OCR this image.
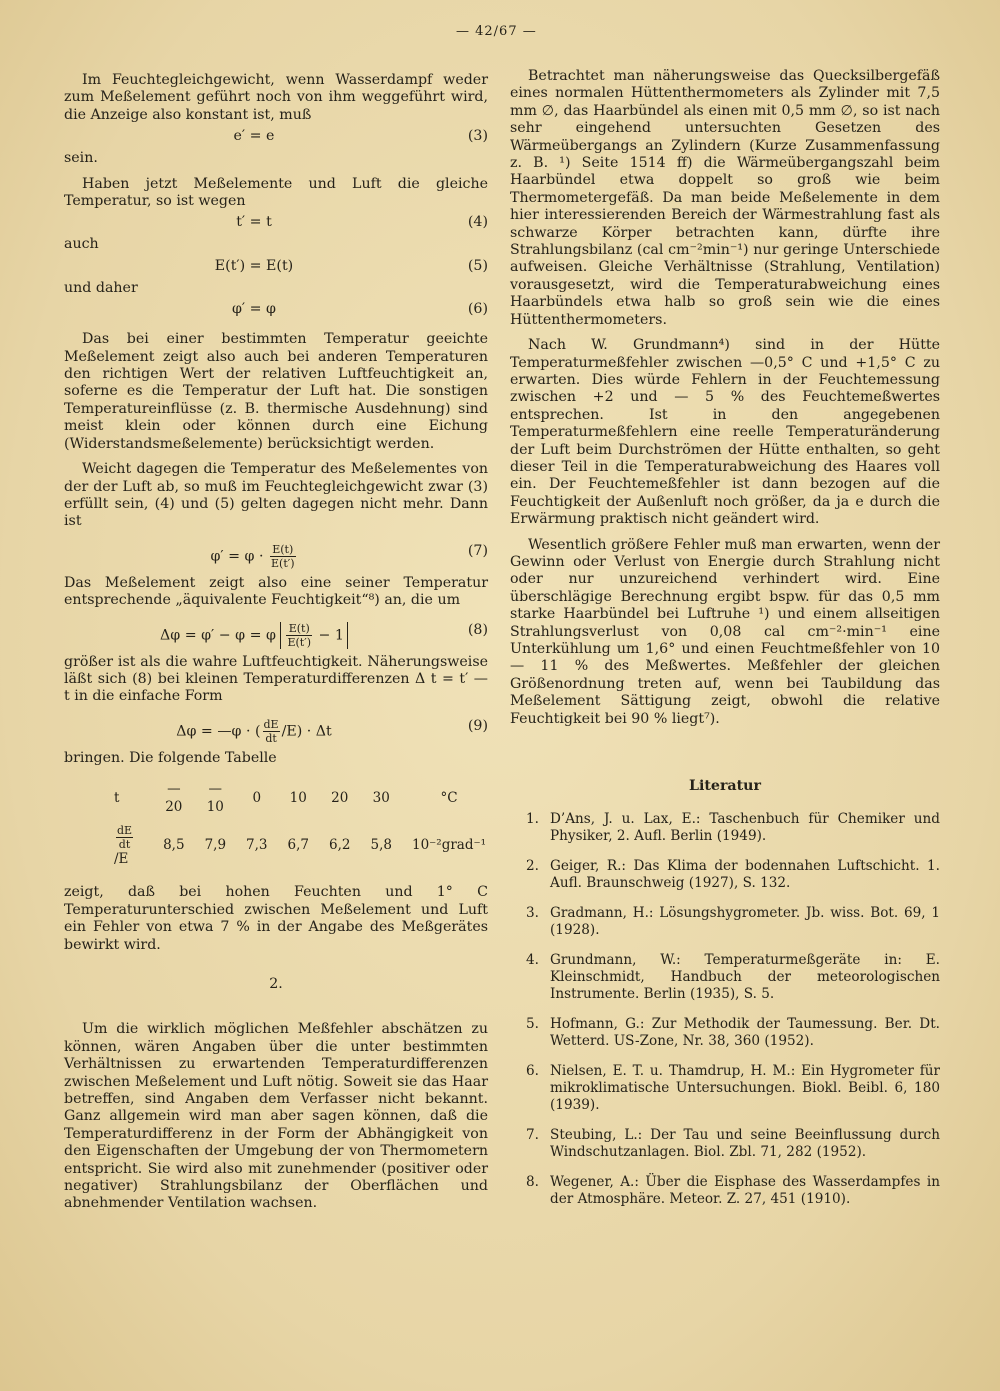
— 42/67 —

Im Feuchtegleichgewicht, wenn Wasserdampf weder zum Meßelement geführt noch von ihm weggeführt wird, die Anzeige also konstant ist, muß

e′ = e	(3)

sein.

Haben jetzt Meßelemente und Luft die gleiche Temperatur, so ist wegen

t′ = t	(4)

auch

E(t′) = E(t)	(5)

und daher

φ′ = φ	(6)

Das bei einer bestimmten Temperatur geeichte Meßelement zeigt also auch bei anderen Temperaturen den richtigen Wert der relativen Luftfeuchtigkeit an, soferne es die Temperatur der Luft hat. Die sonstigen Temperatureinflüsse (z. B. thermische Ausdehnung) sind meist klein oder können durch eine Eichung (Widerstandsmeßelemente) berücksichtigt werden.

Weicht dagegen die Temperatur des Meßelementes von der der Luft ab, so muß im Feuchtegleichgewicht zwar (3) erfüllt sein, (4) und (5) gelten dagegen nicht mehr. Dann ist

$\varphi' = \varphi \cdot \frac{E(t)}{E(t')}$	(7)

Das Meßelement zeigt also eine seiner Temperatur entsprechende „äquivalente Feuchtigkeit“⁸) an, die um

Δφ = φ′ − φ = φ $\frac{E(t)}{E(t')} - 1$	(8)

größer ist als die wahre Luftfeuchtigkeit. Näherungsweise läßt sich (8) bei kleinen Temperaturdifferenzen Δ t = t′ — t in die einfache Form

Δφ = —φ · ( $\frac{dE}{dt} /E) \cdot \Delta t$	(9)

bringen. Die folgende Tabelle

t	—20	—10	0	10	20	30	°C

$\frac{dE}{dt}$
/E	8,5	7,9	7,3	6,7	6,2	5,8	10⁻²grad⁻¹

zeigt, daß bei hohen Feuchten und 1° C Temperaturunterschied zwischen Meßelement und Luft ein Fehler von etwa 7 % in der Angabe des Meßgerätes bewirkt wird.

2.

Um die wirklich möglichen Meßfehler abschätzen zu können, wären Angaben über die unter bestimmten Verhältnissen zu erwartenden Temperaturdifferenzen zwischen Meßelement und Luft nötig. Soweit sie das Haar betreffen, sind Angaben dem Verfasser nicht bekannt. Ganz allgemein wird man aber sagen können, daß die Temperaturdifferenz in der Form der Abhängigkeit von den Eigenschaften der Umgebung der von Thermometern entspricht. Sie wird also mit zunehmender (positiver oder negativer) Strahlungsbilanz der Oberflächen und abnehmender Ventilation wachsen.

Betrachtet man näherungsweise das Quecksilbergefäß eines normalen Hüttenthermometers als Zylinder mit 7,5 mm ∅, das Haarbündel als einen mit 0,5 mm ∅, so ist nach sehr eingehend untersuchten Gesetzen des Wärmeübergangs an Zylindern (Kurze Zusammenfassung z. B. ¹) Seite 1514 ff) die Wärmeübergangszahl beim Haarbündel etwa doppelt so groß wie beim Thermometergefäß. Da man beide Meßelemente in dem hier interessierenden Bereich der Wärmestrahlung fast als schwarze Körper betrachten kann, dürfte ihre Strahlungsbilanz (cal cm⁻²min⁻¹) nur geringe Unterschiede aufweisen. Gleiche Verhältnisse (Strahlung, Ventilation) vorausgesetzt, wird die Temperaturabweichung eines Haarbündels etwa halb so groß sein wie die eines Hüttenthermometers.

Nach W. Grundmann⁴) sind in der Hütte Temperaturmeßfehler zwischen —0,5° C und +1,5° C zu erwarten. Dies würde Fehlern in der Feuchtemessung zwischen +2 und — 5 % des Feuchtemeßwertes entsprechen. Ist in den angegebenen Temperaturmeßfehlern eine reelle Temperaturänderung der Luft beim Durchströmen der Hütte enthalten, so geht dieser Teil in die Temperaturabweichung des Haares voll ein. Der Feuchtemeßfehler ist dann bezogen auf die Feuchtigkeit der Außenluft noch größer, da ja e durch die Erwärmung praktisch nicht geändert wird.

Wesentlich größere Fehler muß man erwarten, wenn der Gewinn oder Verlust von Energie durch Strahlung nicht oder nur unzureichend verhindert wird. Eine überschlägige Berechnung ergibt bspw. für das 0,5 mm starke Haarbündel bei Luftruhe ¹) und einem allseitigen Strahlungsverlust von 0,08 cal cm⁻²·min⁻¹ eine Unterkühlung um 1,6° und einen Feuchtmeßfehler von 10— 11 % des Meßwertes. Meßfehler der gleichen Größenordnung treten auf, wenn bei Taubildung das Meßelement Sättigung zeigt, obwohl die relative Feuchtigkeit bei 90 % liegt⁷).

Literatur
1. D’Ans, J. u. Lax, E.: Taschenbuch für Chemiker und Physiker, 2. Aufl. Berlin (1949).
2. Geiger, R.: Das Klima der bodennahen Luftschicht. 1. Aufl. Braunschweig (1927), S. 132.
3. Gradmann, H.: Lösungshygrometer. Jb. wiss. Bot. 69, 1 (1928).
4. Grundmann, W.: Temperaturmeßgeräte in: E. Kleinschmidt, Handbuch der meteorologischen Instrumente. Berlin (1935), S. 5.
5. Hofmann, G.: Zur Methodik der Taumessung. Ber. Dt. Wetterd. US-Zone, Nr. 38, 360 (1952).
6. Nielsen, E. T. u. Thamdrup, H. M.: Ein Hygrometer für mikroklimatische Untersuchungen. Biokl. Beibl. 6, 180 (1939).
7. Steubing, L.: Der Tau und seine Beeinflussung durch Windschutzanlagen. Biol. Zbl. 71, 282 (1952).
8. Wegener, A.: Über die Eisphase des Wasserdampfes in der Atmosphäre. Meteor. Z. 27, 451 (1910).
